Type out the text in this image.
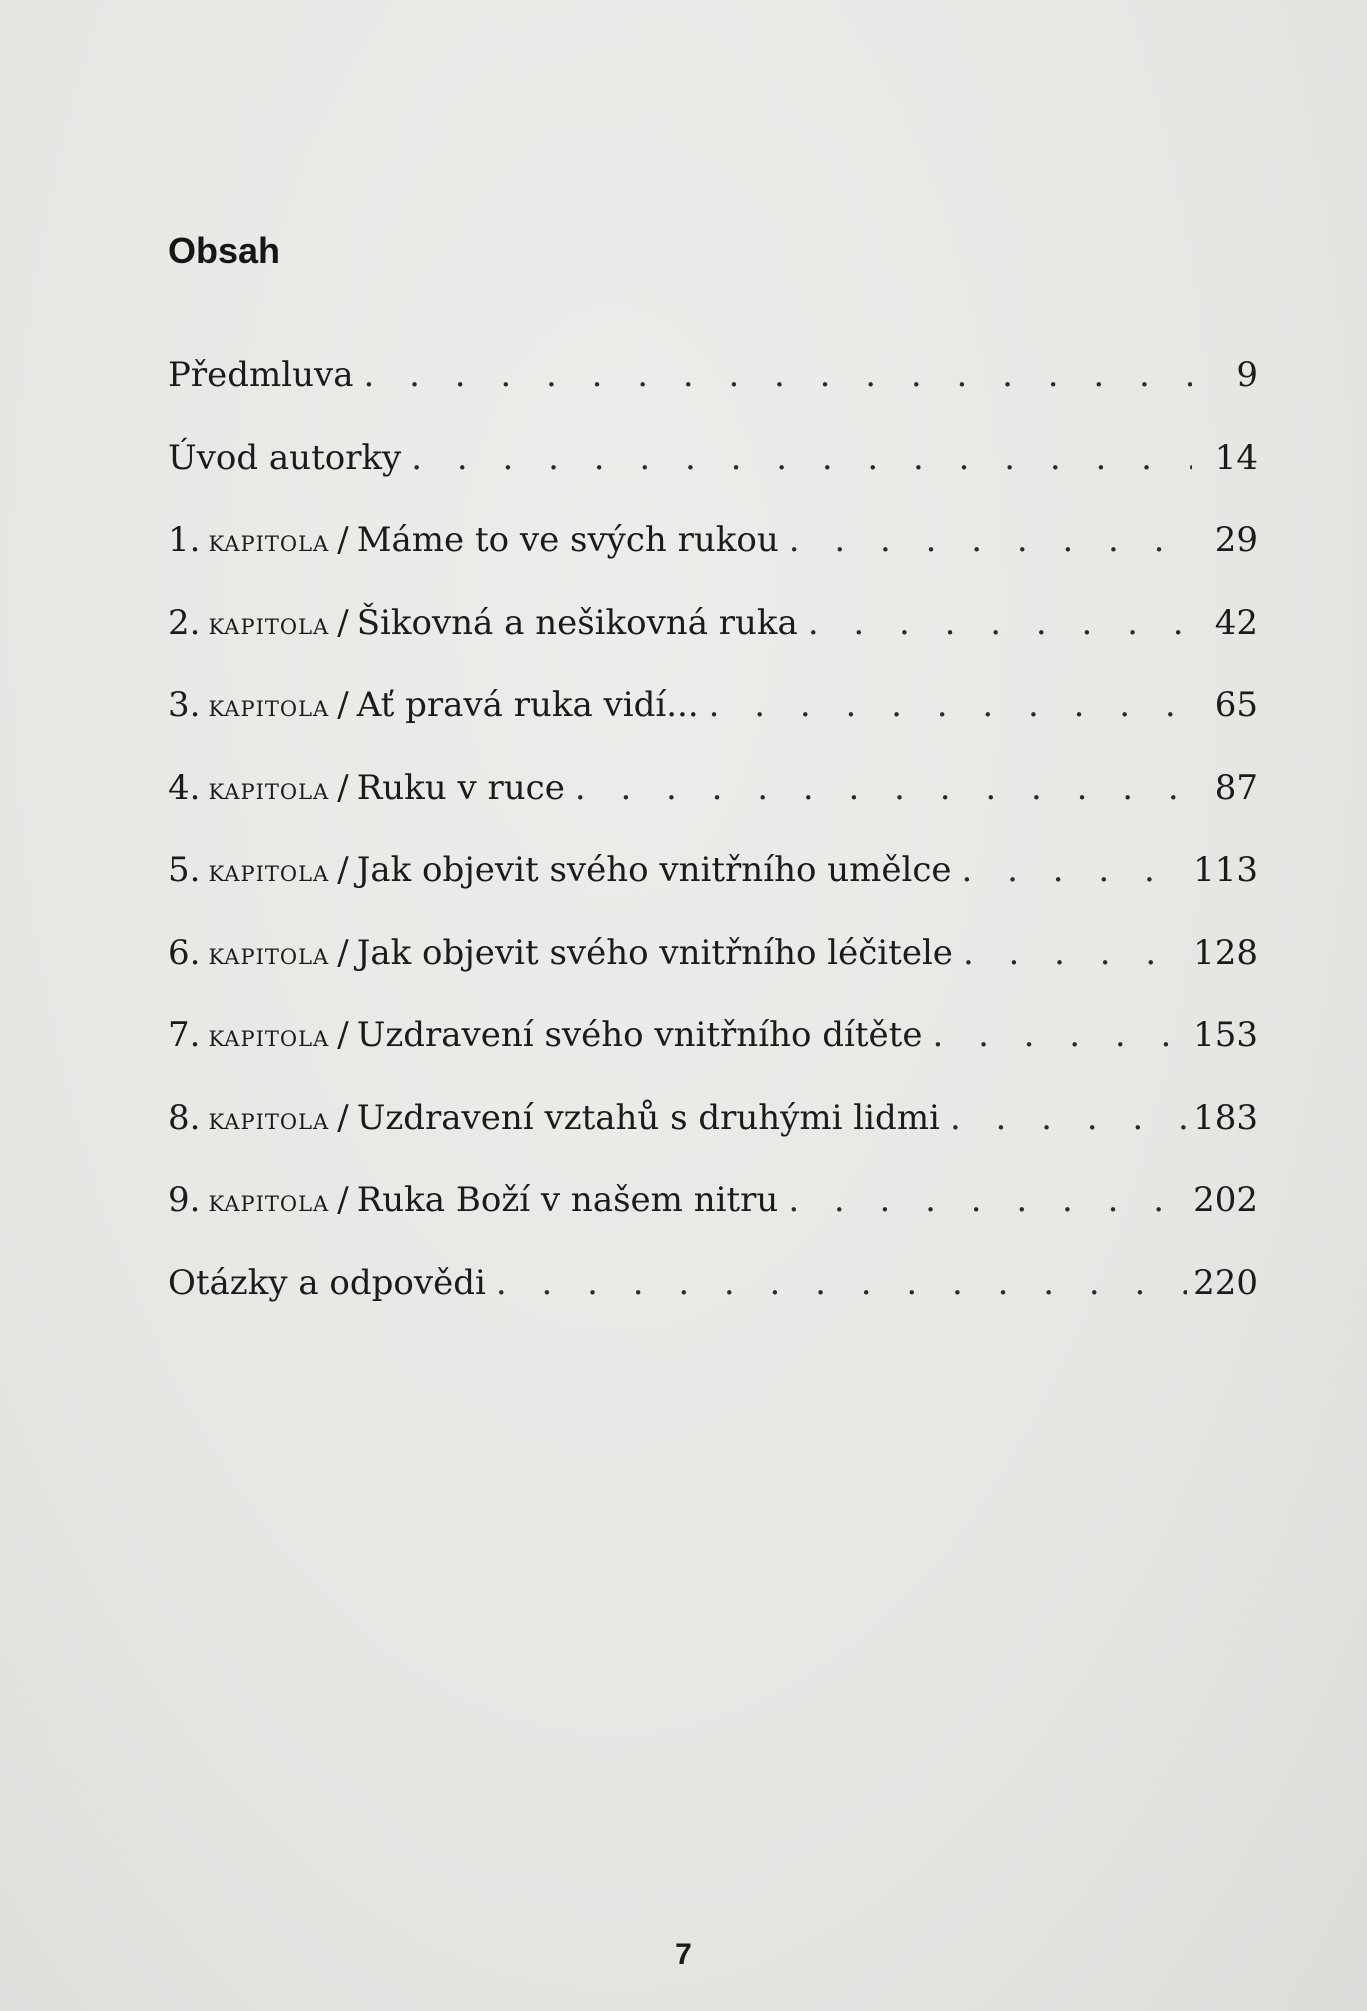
Obsah
Předmluva . . .	9
Úvod autorky . . .	14
1. kapitola / Máme to ve svých rukou . . .	29
2. kapitola / Šikovná a nešikovná ruka . . .	42
3. kapitola / Ať pravá ruka vidí... . . .	65
4. kapitola / Ruku v ruce . . .	87
5. kapitola / Jak objevit svého vnitřního umělce . . .	113
6. kapitola / Jak objevit svého vnitřního léčitele . . .	128
7. kapitola / Uzdravení svého vnitřního dítěte . . .	153
8. kapitola / Uzdravení vztahů s druhými lidmi . . .	183
9. kapitola / Ruka Boží v našem nitru . . .	202
Otázky a odpovědi . . .	220
7
